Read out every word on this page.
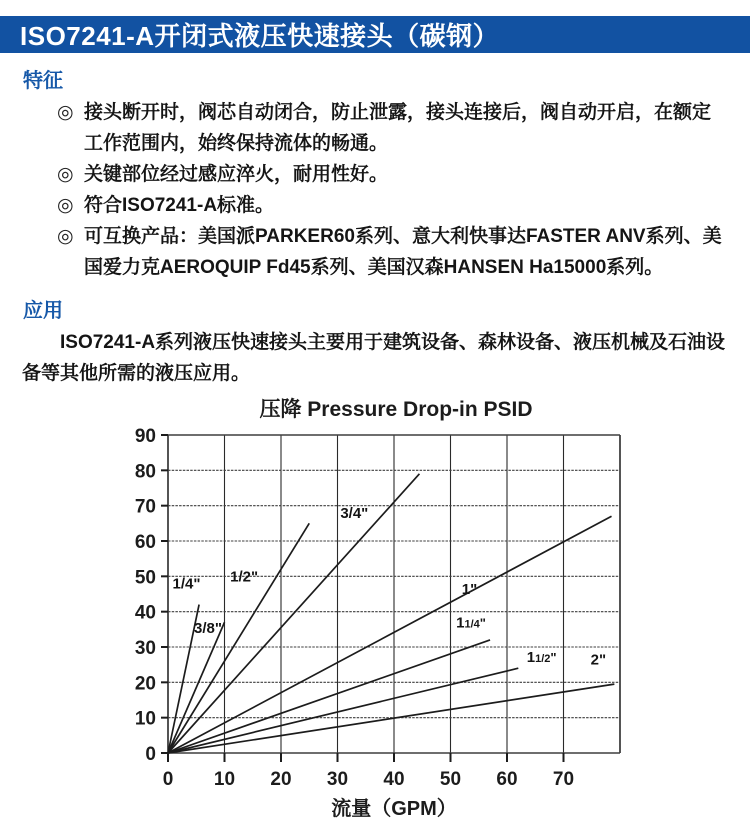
ISO7241-A开闭式液压快速接头（碳钢）
特征
◎ 接头断开时，阀芯自动闭合，防止泄露，接头连接后，阀自动开启，在额定工作范围内，始终保持流体的畅通。
◎ 关键部位经过感应淬火，耐用性好。
◎ 符合ISO7241-A标准。
◎ 可互换产品：美国派PARKER60系列、意大利快事达FASTER ANV系列、美国爱力克AEROQUIP Fd45系列、美国汉森HANSEN Ha15000系列。
应用

ISO7241-A系列液压快速接头主要用于建筑设备、森林设备、液压机械及石油设备等其他所需的液压应用。

压降 Pressure Drop-in PSID
0 10 20 30 40 50 60 70
0
10
20
30
40
50
60
70
80
90
流量（GPM）
1/4"
3/8"
1/2"
3/4"
1"
11/4"
11/2" 2"
